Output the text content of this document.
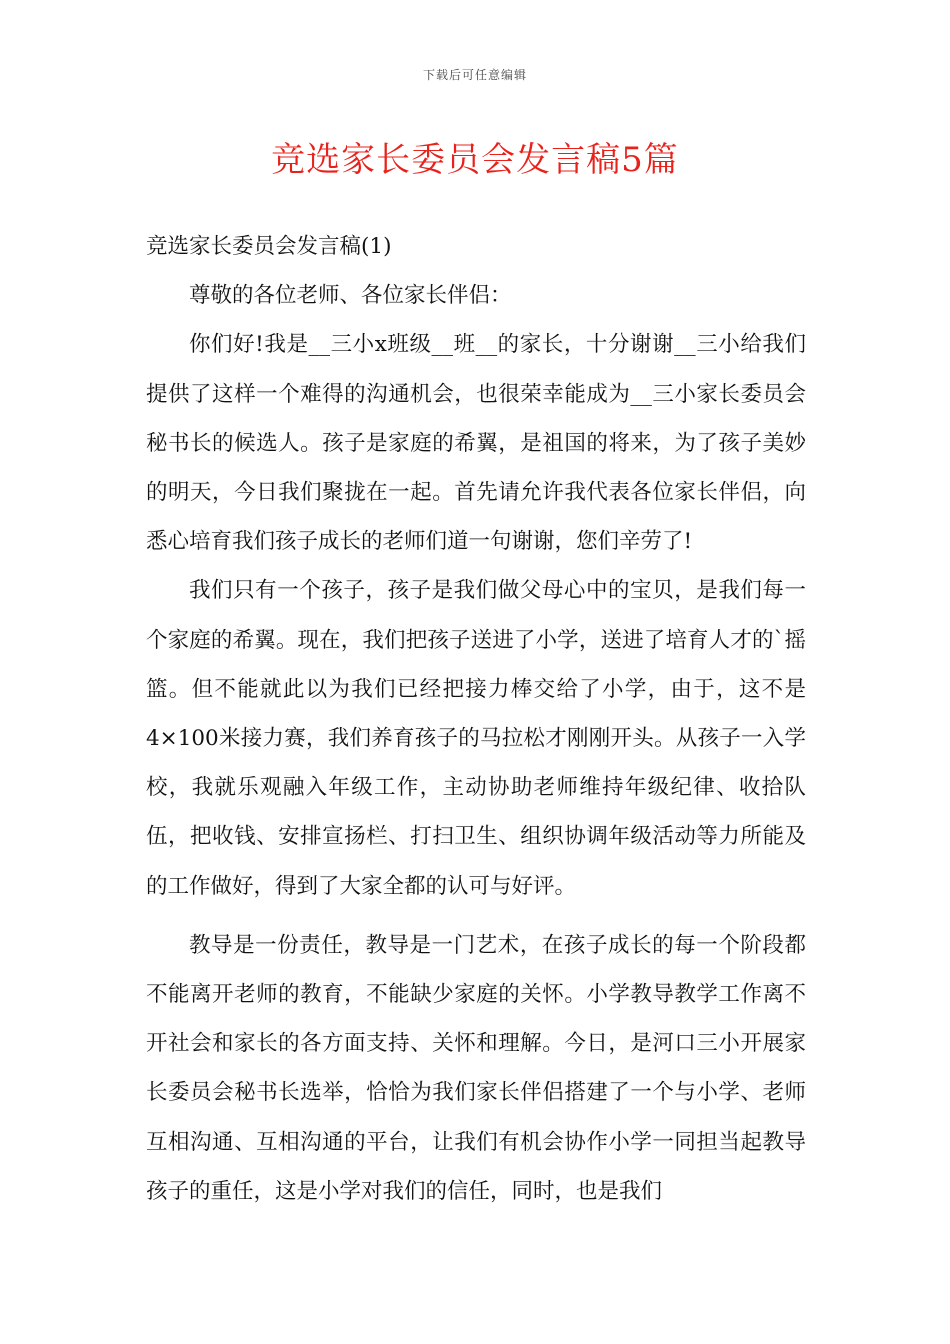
下载后可任意编辑
竞选家长委员会发言稿5篇

竞选家长委员会发言稿(1)

尊敬的各位老师、各位家长伴侣：

你们好!我是__三小x班级__班__的家长，十分谢谢__三小给我们提供了这样一个难得的沟通机会，也很荣幸能成为__三小家长委员会秘书长的候选人。孩子是家庭的希翼，是祖国的将来，为了孩子美妙的明天，今日我们聚拢在一起。首先请允许我代表各位家长伴侣，向悉心培育我们孩子成长的老师们道一句谢谢，您们辛劳了!

我们只有一个孩子，孩子是我们做父母心中的宝贝，是我们每一个家庭的希翼。现在，我们把孩子送进了小学，送进了培育人才的`摇篮。但不能就此以为我们已经把接力棒交给了小学，由于，这不是4×100米接力赛，我们养育孩子的马拉松才刚刚开头。从孩子一入学校，我就乐观融入年级工作，主动协助老师维持年级纪律、收拾队伍，把收钱、安排宣扬栏、打扫卫生、组织协调年级活动等力所能及的工作做好，得到了大家全都的认可与好评。

教导是一份责任，教导是一门艺术，在孩子成长的每一个阶段都不能离开老师的教育，不能缺少家庭的关怀。小学教导教学工作离不开社会和家长的各方面支持、关怀和理解。今日，是河口三小开展家长委员会秘书长选举，恰恰为我们家长伴侣搭建了一个与小学、老师互相沟通、互相沟通的平台，让我们有机会协作小学一同担当起教导孩子的重任，这是小学对我们的信任，同时，也是我们
